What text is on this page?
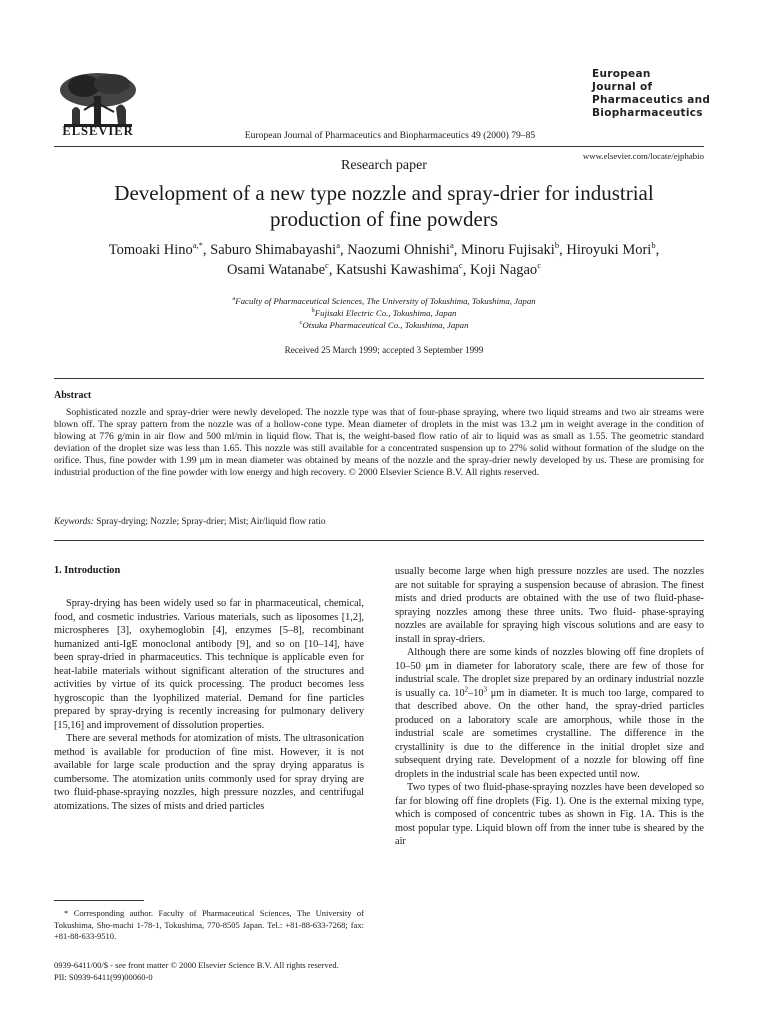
ELSEVIER	European Journal of Pharmaceutics and Biopharmaceutics 49 (2000) 79–85
European
Journal of
Pharmaceutics and
Biopharmaceutics
www.elsevier.com/locate/ejphabio
Research paper
Development of a new type nozzle and spray-drier for industrial production of fine powders
Tomoaki Hino$^{a,*}$, Saburo Shimabayashi$^a$, Naozumi Ohnishi$^a$, Minoru Fujisaki$^b$, Hiroyuki Mori$^b$,
Osami Watanabe$^c$, Katsushi Kawashima$^c$, Koji Nagao$^c$
$^a$Faculty of Pharmaceutical Sciences, The University of Tokushima, Tokushima, Japan
$^b$Fujisaki Electric Co., Tokushima, Japan
$^c$Otsuka Pharmaceutical Co., Tokushima, Japan
Received 25 March 1999; accepted 3 September 1999
Abstract
Sophisticated nozzle and spray-drier were newly developed. The nozzle type was that of four-phase spraying, where two liquid streams and two air streams were blown off. The spray pattern from the nozzle was of a hollow-cone type. Mean diameter of droplets in the mist was 13.2 μm in weight average in the condition of blowing at 776 g/min in air flow and 500 ml/min in liquid flow. That is, the weight-based flow ratio of air to liquid was as small as 1.55. The geometric standard deviation of the droplet size was less than 1.65. This nozzle was still available for a concentrated suspension up to 27% solid without formation of the sludge on the orifice. Thus, fine powder with 1.99 μm in mean diameter was obtained by means of the nozzle and the spray-drier newly developed by us. These are promising for industrial production of the fine powder with low energy and high recovery. © 2000 Elsevier Science B.V. All rights reserved.
Keywords: Spray-drying; Nozzle; Spray-drier; Mist; Air/liquid flow ratio
1. Introduction

Spray-drying has been widely used so far in pharmaceutical, chemical, food, and cosmetic industries. Various materials, such as liposomes [1,2], microspheres [3], oxyhemoglobin [4], enzymes [5–8], recombinant humanized anti-IgE monoclonal antibody [9], and so on [10–14], have been spray-dried in pharmaceutics. This technique is applicable even for heat-labile materials without significant alteration of the structures and activities by virtue of its quick processing. The product becomes less hygroscopic than the lyophilized material. Demand for fine particles prepared by spray-drying is recently increasing for pulmonary delivery [15,16] and improvement of dissolution properties.

There are several methods for atomization of mists. The ultrasonication method is available for production of fine mist. However, it is not available for large scale production and the spray drying apparatus is cumbersome. The atomization units commonly used for spray drying are two fluid-phase-spraying nozzles, high pressure nozzles, and centrifugal atomizations. The sizes of mists and dried particles

usually become large when high pressure nozzles are used. The nozzles are not suitable for spraying a suspension because of abrasion. The finest mists and dried products are obtained with the use of two fluid-phase-spraying nozzles among these three units. Two fluid- phase-spraying nozzles are available for spraying high viscous solutions and are easy to install in spray-driers.

Although there are some kinds of nozzles blowing off fine droplets of 10–50 μm in diameter for laboratory scale, there are few of those for industrial scale. The droplet size prepared by an ordinary industrial nozzle is usually ca. $10^2-10^3$ μm in diameter. It is much too large, compared to that described above. On the other hand, the spray-dried particles produced on a laboratory scale are amorphous, while those in the industrial scale are sometimes crystalline. The difference in the crystallinity is due to the difference in the initial droplet size and subsequent drying rate. Development of a nozzle for blowing off fine droplets in the industrial scale has been expected until now.

Two types of two fluid-phase-spraying nozzles have been developed so far for blowing off fine droplets (Fig. 1). One is the external mixing type, which is composed of concentric tubes as shown in Fig. 1A. This is the most popular type. Liquid blown off from the inner tube is sheared by the air

* Corresponding author. Faculty of Pharmaceutical Sciences, The University of Tokushima, Sho-machi 1-78-1, Tokushima, 770-8505 Japan. Tel.: +81-88-633-7268; fax: +81-88-633-9510.
0939-6411/00/$ - see front matter © 2000 Elsevier Science B.V. All rights reserved.
PII: S0939-6411(99)00060-0
